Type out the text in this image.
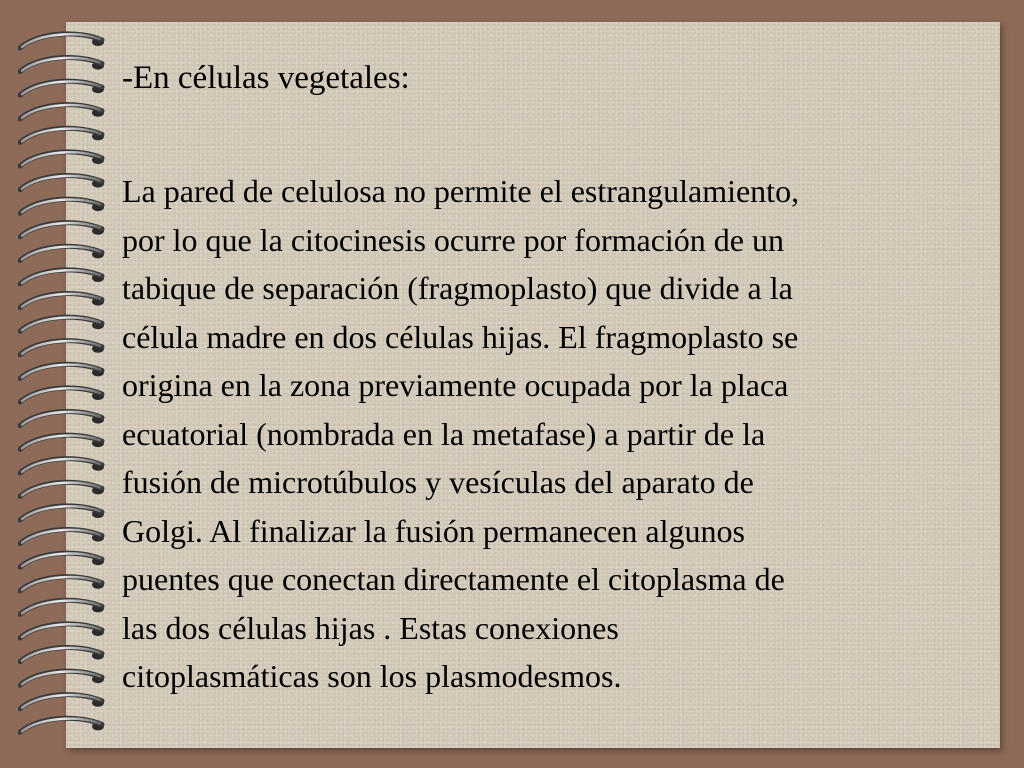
-En células vegetales:

La pared de celulosa no permite el estrangulamiento,
por lo que la citocinesis ocurre por formación de un
tabique de separación (fragmoplasto) que divide a la
célula madre en dos células hijas. El fragmoplasto se
origina en la zona previamente ocupada por la placa
ecuatorial (nombrada en la metafase) a partir de la
fusión de microtúbulos y vesículas del aparato de
Golgi. Al finalizar la fusión permanecen algunos
puentes que conectan directamente el citoplasma de
las dos células hijas . Estas conexiones
citoplasmáticas son los plasmodesmos.
